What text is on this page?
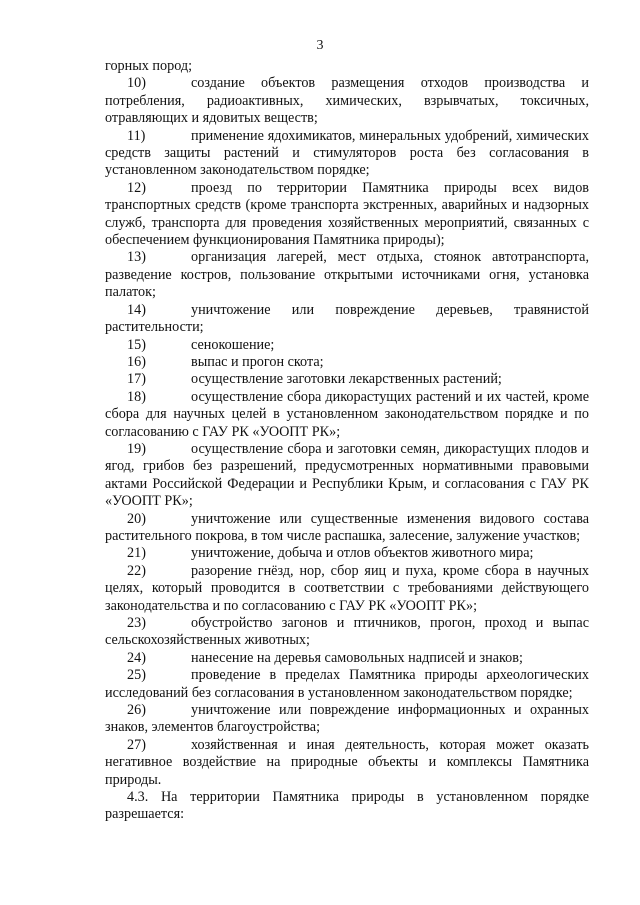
3

горных пород;

10)	создание объектов размещения отходов производства и потребления, радиоактивных, химических, взрывчатых, токсичных, отравляющих и ядовитых веществ;

11)	применение ядохимикатов, минеральных удобрений, химических средств защиты растений и стимуляторов роста без согласования в установленном законодательством порядке;

12)	проезд по территории Памятника природы всех видов транспортных средств (кроме транспорта экстренных, аварийных и надзорных служб, транспорта для проведения хозяйственных мероприятий, связанных с обеспечением функционирования Памятника природы);

13)	организация лагерей, мест отдыха, стоянок автотранспорта, разведение костров, пользование открытыми источниками огня, установка палаток;

14)	уничтожение или повреждение деревьев, травянистой растительности;

15)	сенокошение;

16)	выпас и прогон скота;

17)	осуществление заготовки лекарственных растений;

18)	осуществление сбора дикорастущих растений и их частей, кроме сбора для научных целей в установленном законодательством порядке и по согласованию с ГАУ РК «УООПТ РК»;

19)	осуществление сбора и заготовки семян, дикорастущих плодов и ягод, грибов без разрешений, предусмотренных нормативными правовыми актами Российской Федерации и Республики Крым, и согласования с ГАУ РК «УООПТ РК»;

20)	уничтожение или существенные изменения видового состава растительного покрова, в том числе распашка, залесение, залужение участков;

21)	уничтожение, добыча и отлов объектов животного мира;

22)	разорение гнёзд, нор, сбор яиц и пуха, кроме сбора в научных целях, который проводится в соответствии с требованиями действующего законодательства и по согласованию с ГАУ РК «УООПТ РК»;

23)	обустройство загонов и птичников, прогон, проход и выпас сельскохозяйственных животных;

24)	нанесение на деревья самовольных надписей и знаков;

25)	проведение в пределах Памятника природы археологических исследований без согласования в установленном законодательством порядке;

26)	уничтожение или повреждение информационных и охранных знаков, элементов благоустройства;

27)	хозяйственная и иная деятельность, которая может оказать негативное воздействие на природные объекты и комплексы Памятника природы.

4.3. На территории Памятника природы в установленном порядке разрешается:
